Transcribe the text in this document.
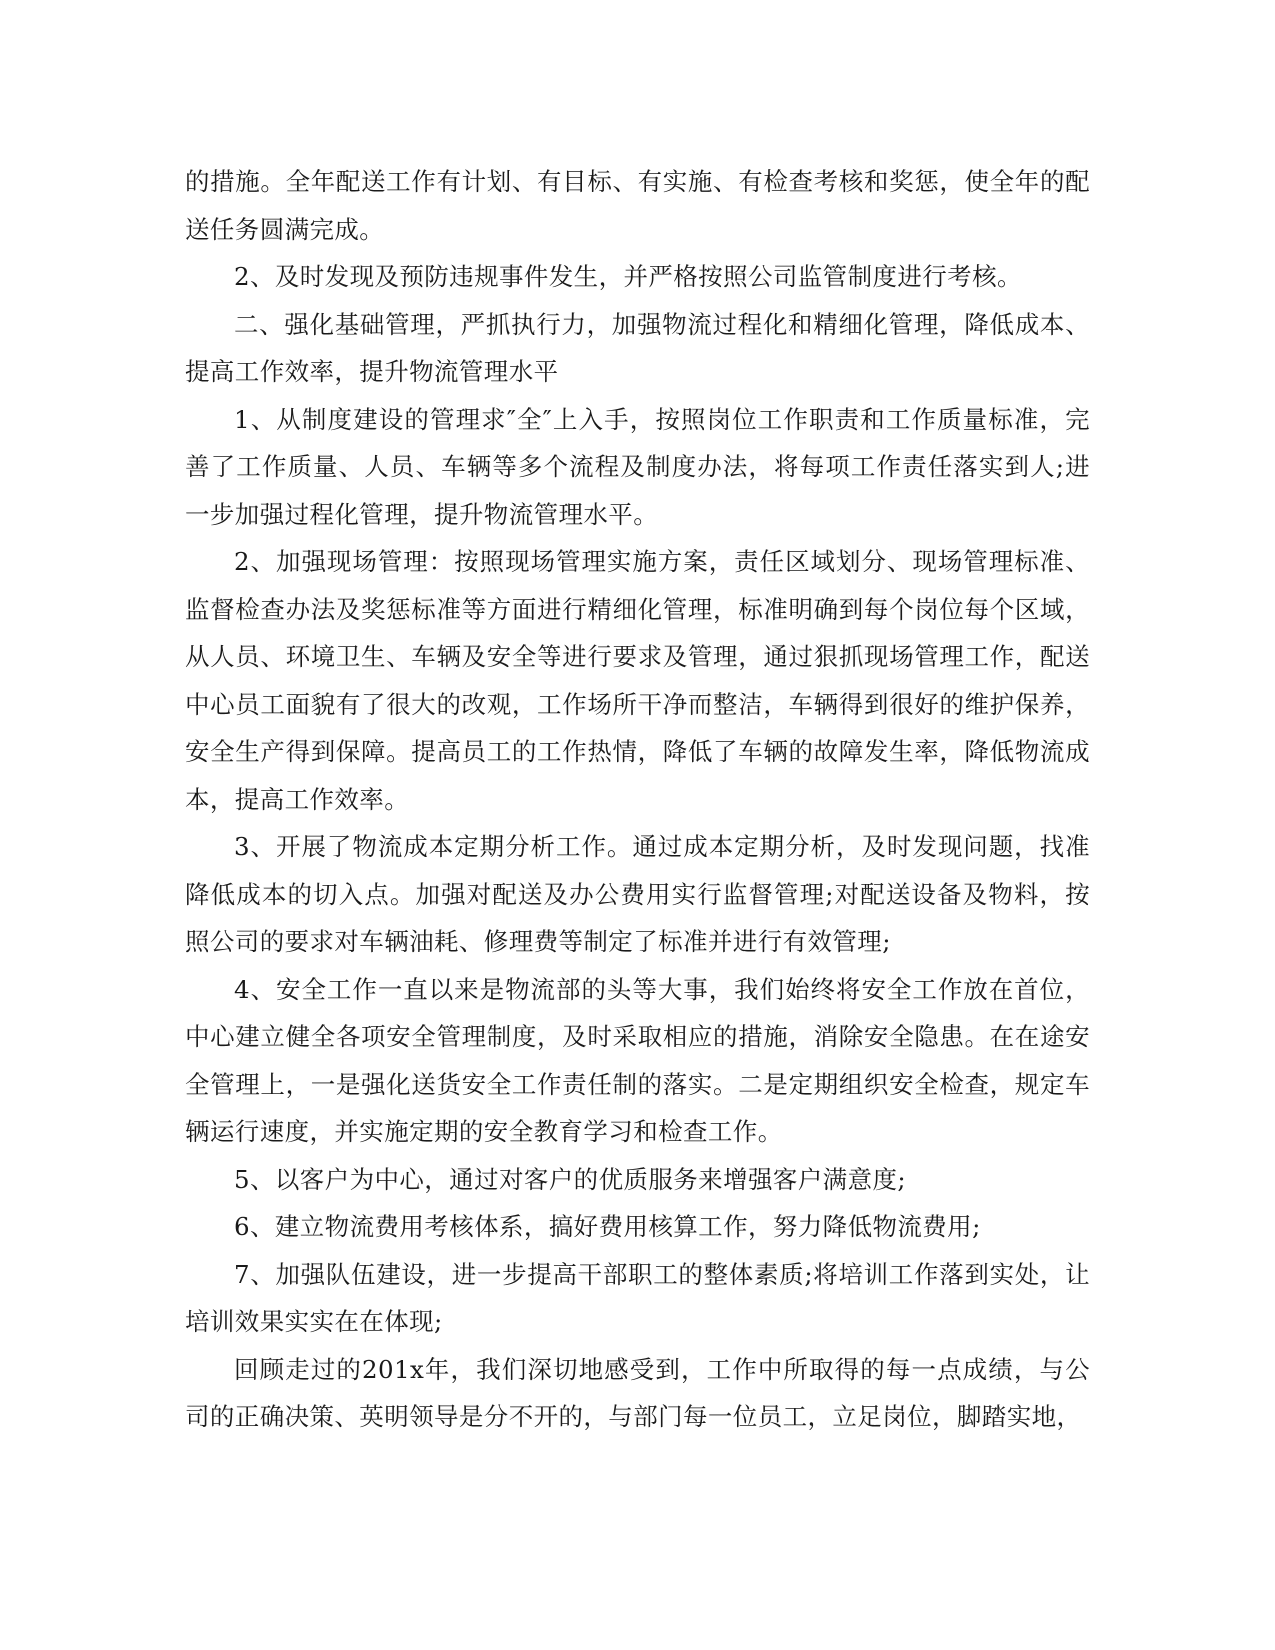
的措施。全年配送工作有计划、有目标、有实施、有检查考核和奖惩，使全年的配送任务圆满完成。

2、及时发现及预防违规事件发生，并严格按照公司监管制度进行考核。

二、强化基础管理，严抓执行力，加强物流过程化和精细化管理，降低成本、提高工作效率，提升物流管理水平

1、从制度建设的管理求″全″上入手，按照岗位工作职责和工作质量标准，完善了工作质量、人员、车辆等多个流程及制度办法，将每项工作责任落实到人;进一步加强过程化管理，提升物流管理水平。

2、加强现场管理：按照现场管理实施方案，责任区域划分、现场管理标准、监督检查办法及奖惩标准等方面进行精细化管理，标准明确到每个岗位每个区域，从人员、环境卫生、车辆及安全等进行要求及管理，通过狠抓现场管理工作，配送中心员工面貌有了很大的改观，工作场所干净而整洁，车辆得到很好的维护保养，安全生产得到保障。提高员工的工作热情，降低了车辆的故障发生率，降低物流成本，提高工作效率。

3、开展了物流成本定期分析工作。通过成本定期分析，及时发现问题，找准降低成本的切入点。加强对配送及办公费用实行监督管理;对配送设备及物料，按照公司的要求对车辆油耗、修理费等制定了标准并进行有效管理;

4、安全工作一直以来是物流部的头等大事，我们始终将安全工作放在首位，中心建立健全各项安全管理制度，及时采取相应的措施，消除安全隐患。在在途安全管理上，一是强化送货安全工作责任制的落实。二是定期组织安全检查，规定车辆运行速度，并实施定期的安全教育学习和检查工作。

5、以客户为中心，通过对客户的优质服务来增强客户满意度;

6、建立物流费用考核体系，搞好费用核算工作，努力降低物流费用;

7、加强队伍建设，进一步提高干部职工的整体素质;将培训工作落到实处，让培训效果实实在在体现;

回顾走过的201x年，我们深切地感受到，工作中所取得的每一点成绩，与公司的正确决策、英明领导是分不开的，与部门每一位员工，立足岗位，脚踏实地，
